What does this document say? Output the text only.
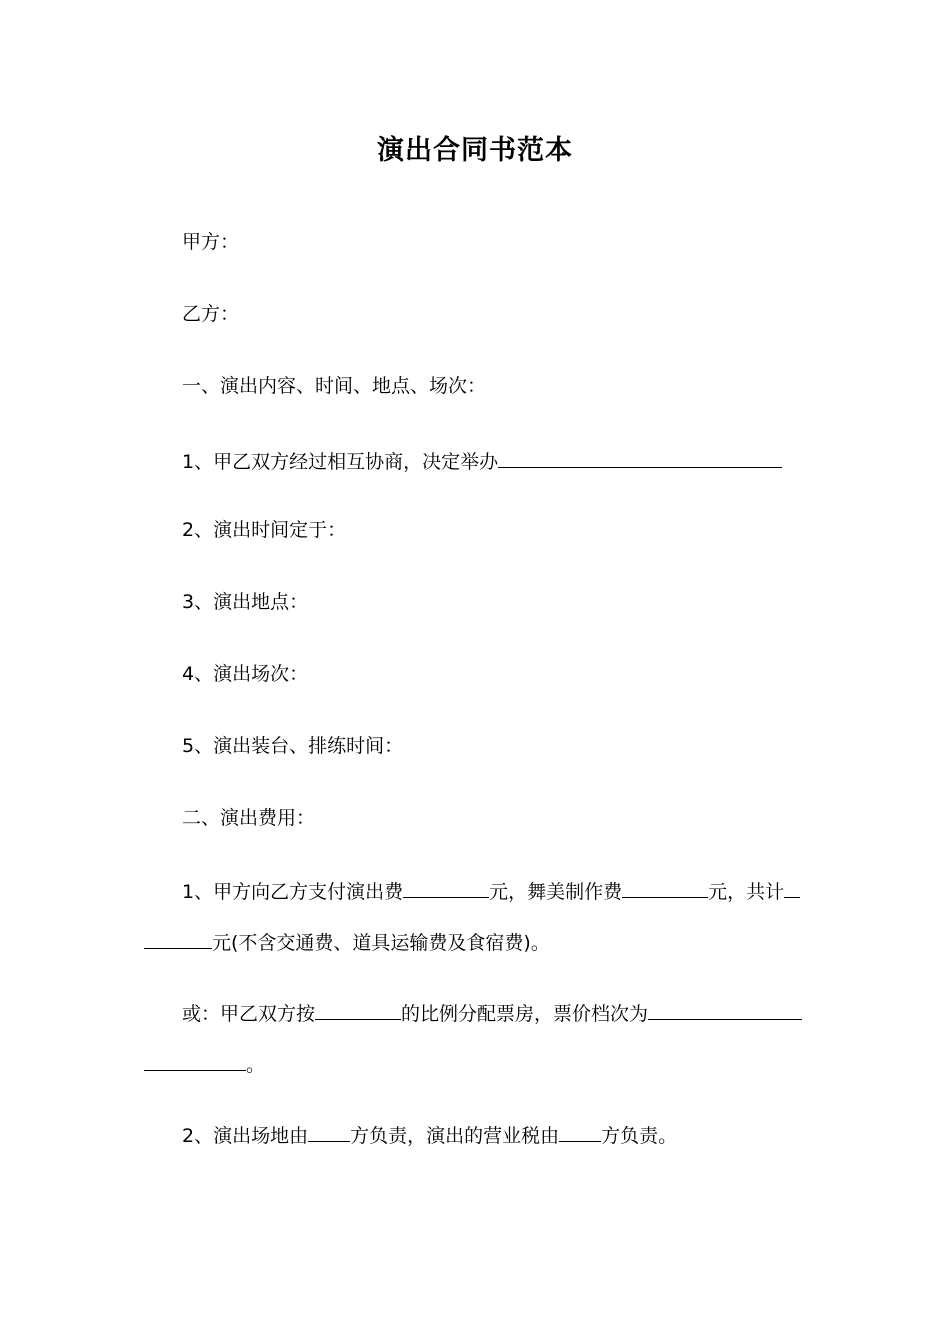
演出合同书范本
甲方：
乙方：
一、演出内容、时间、地点、场次：
1、甲乙双方经过相互协商，决定举办
2、演出时间定于：
3、演出地点：
4、演出场次：
5、演出装台、排练时间：
二、演出费用：
1、甲方向乙方支付演出费	元，舞美制作费	元，共计
元(不含交通费、道具运输费及食宿费)。
或：甲乙双方按	的比例分配票房，票价档次为
。
2、演出场地由 方负责，演出的营业税由 方负责。
